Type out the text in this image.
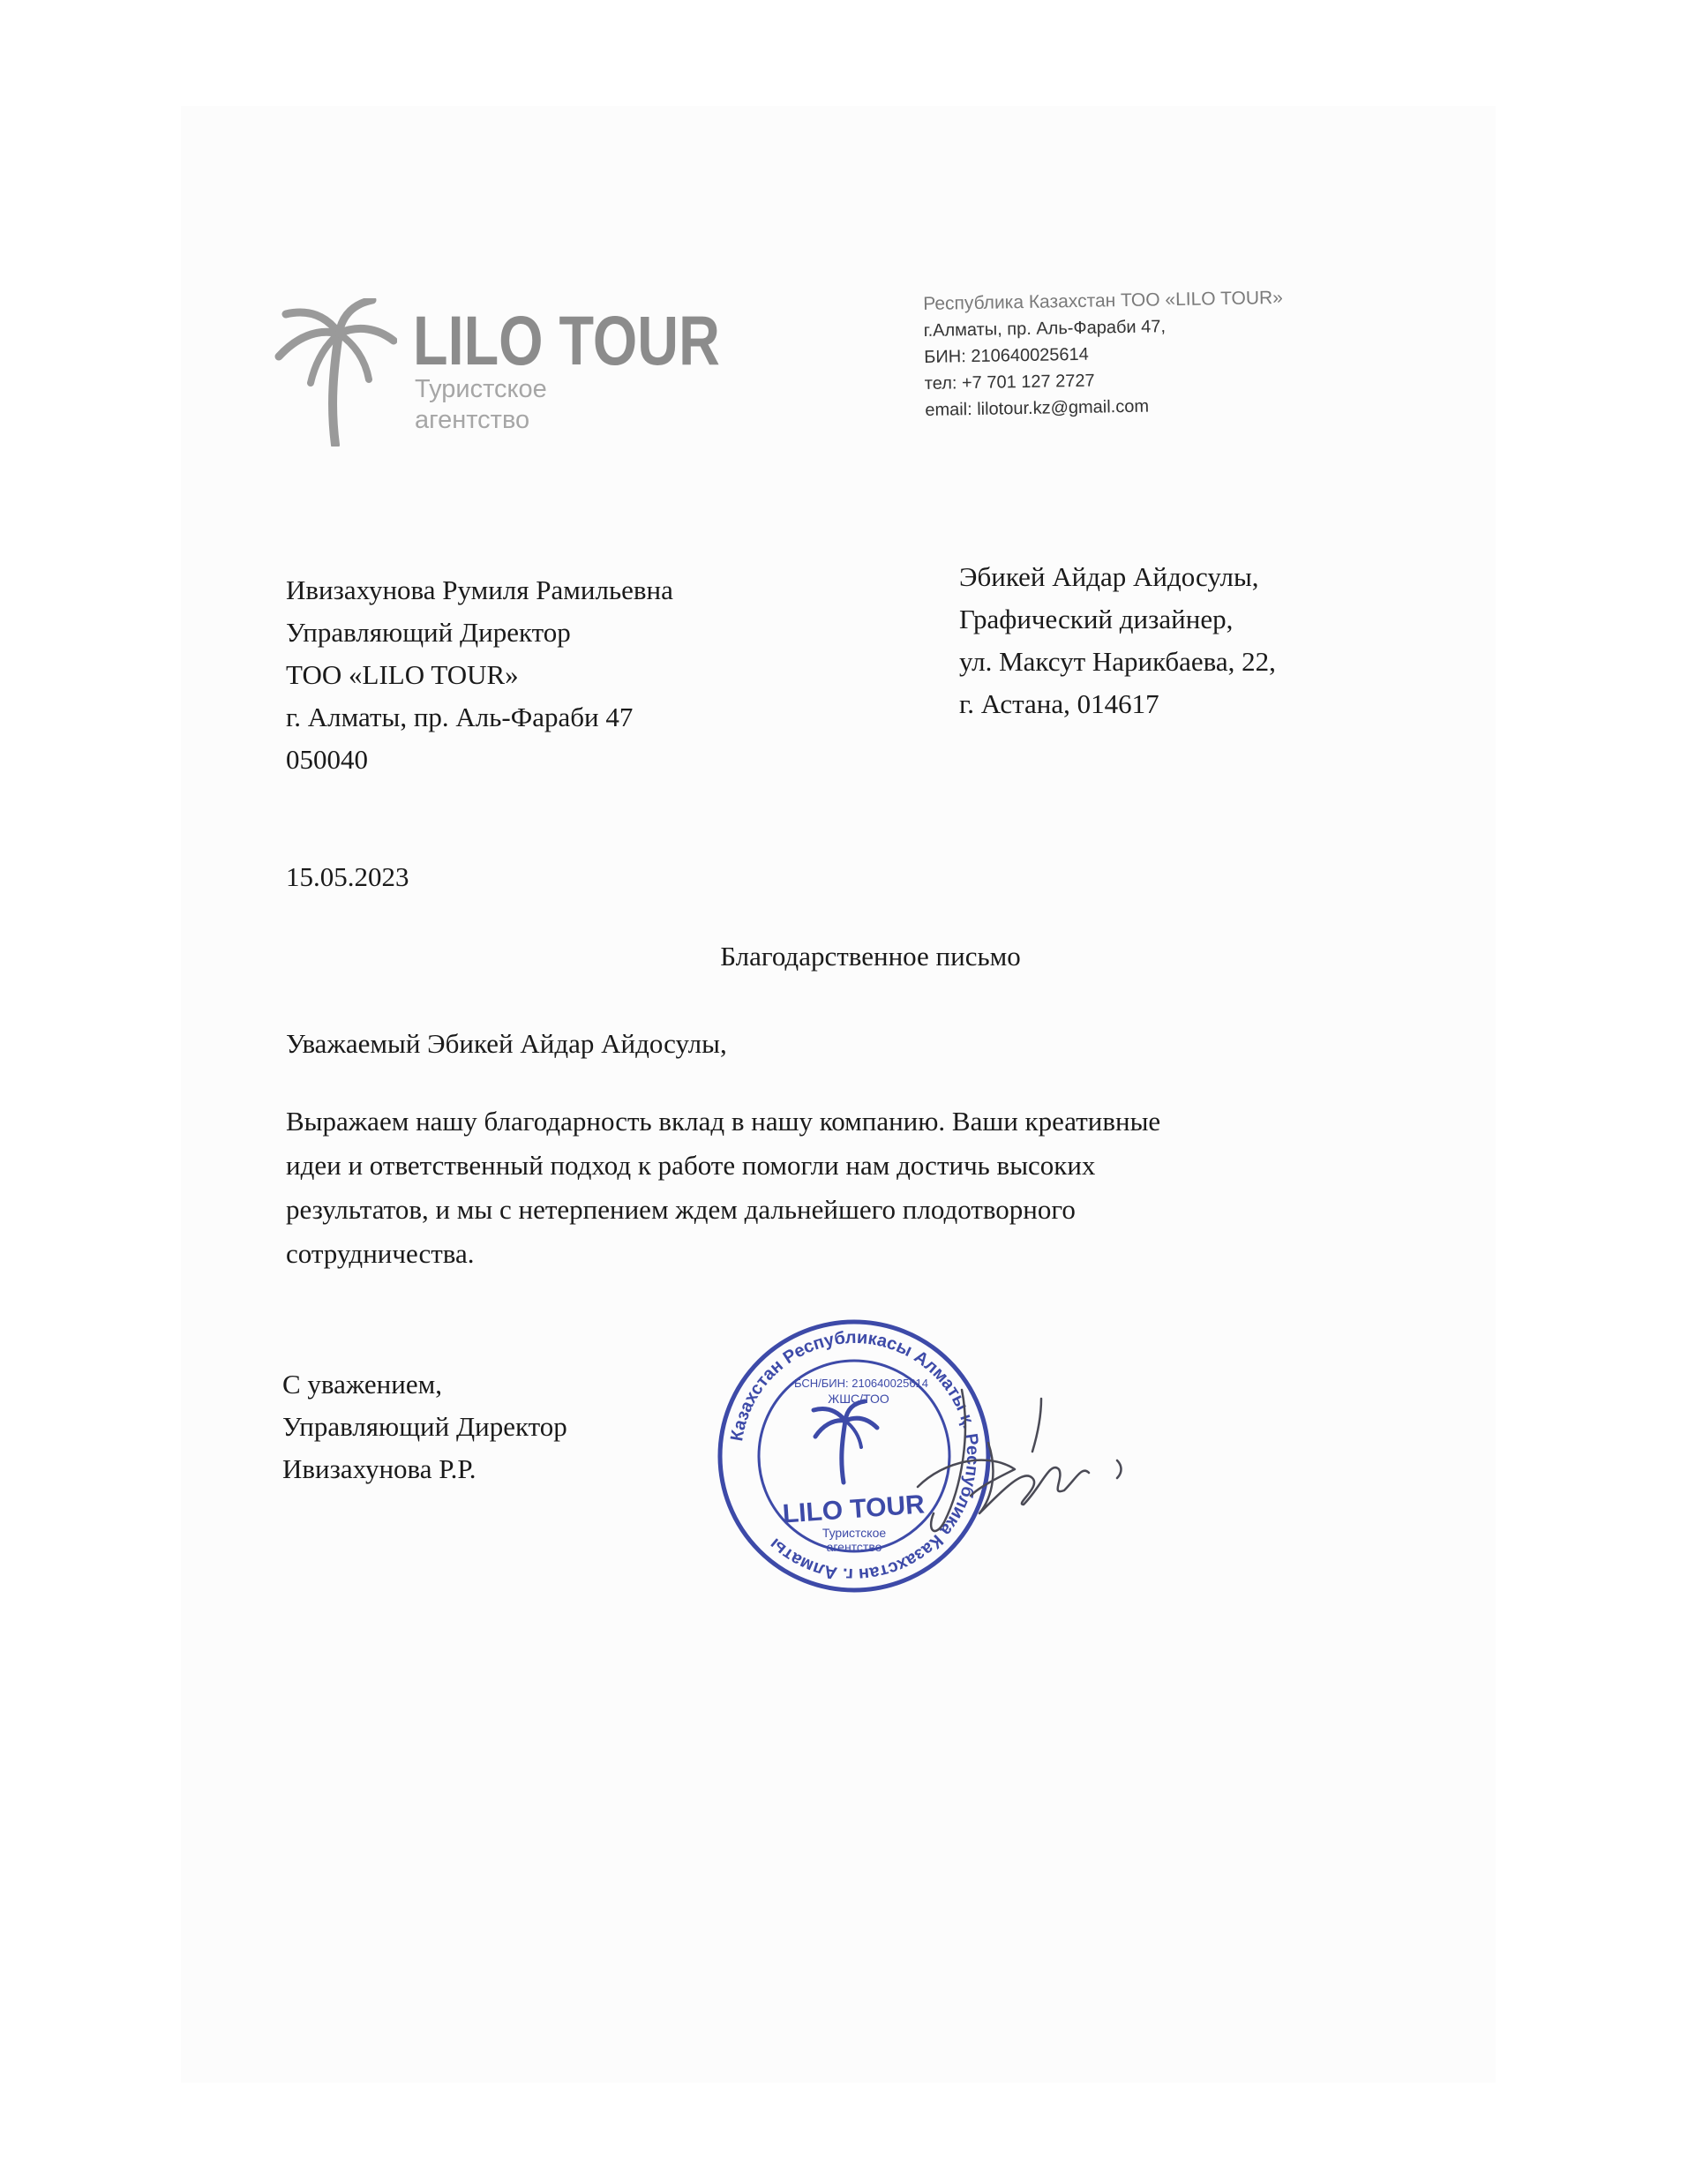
LILO TOUR
Туристское
агентство
Республика Казахстан ТОО «LILO TOUR»
г.Алматы, пр. Аль-Фараби 47,
БИН: 210640025614
тел: +7 701 127 2727
email: lilotour.kz@gmail.com
Ивизахунова Румиля Рамильевна
Управляющий Директор
ТОО «LILO TOUR»
г. Алматы, пр. Аль-Фараби 47
050040
Эбикей Айдар Айдосулы,
Графический дизайнер,
ул. Максут Нарикбаева, 22,
г. Астана, 014617
15.05.2023
Благодарственное письмо
Уважаемый Эбикей Айдар Айдосулы,
Выражаем нашу благодарность вклад в нашу компанию. Ваши креативные
идеи и ответственный подход к работе помогли нам достичь высоких
результатов, и мы с нетерпением ждем дальнейшего плодотворного
сотрудничества.
С уважением,
Управляющий Директор
Ивизахунова Р.Р.
Казахстан Республикасы Алматы қ. Республика Казахстан г. Алматы
БСН/БИН: 210640025614
ЖШС/ТОО
LILO TOUR
Туристское
агентство
